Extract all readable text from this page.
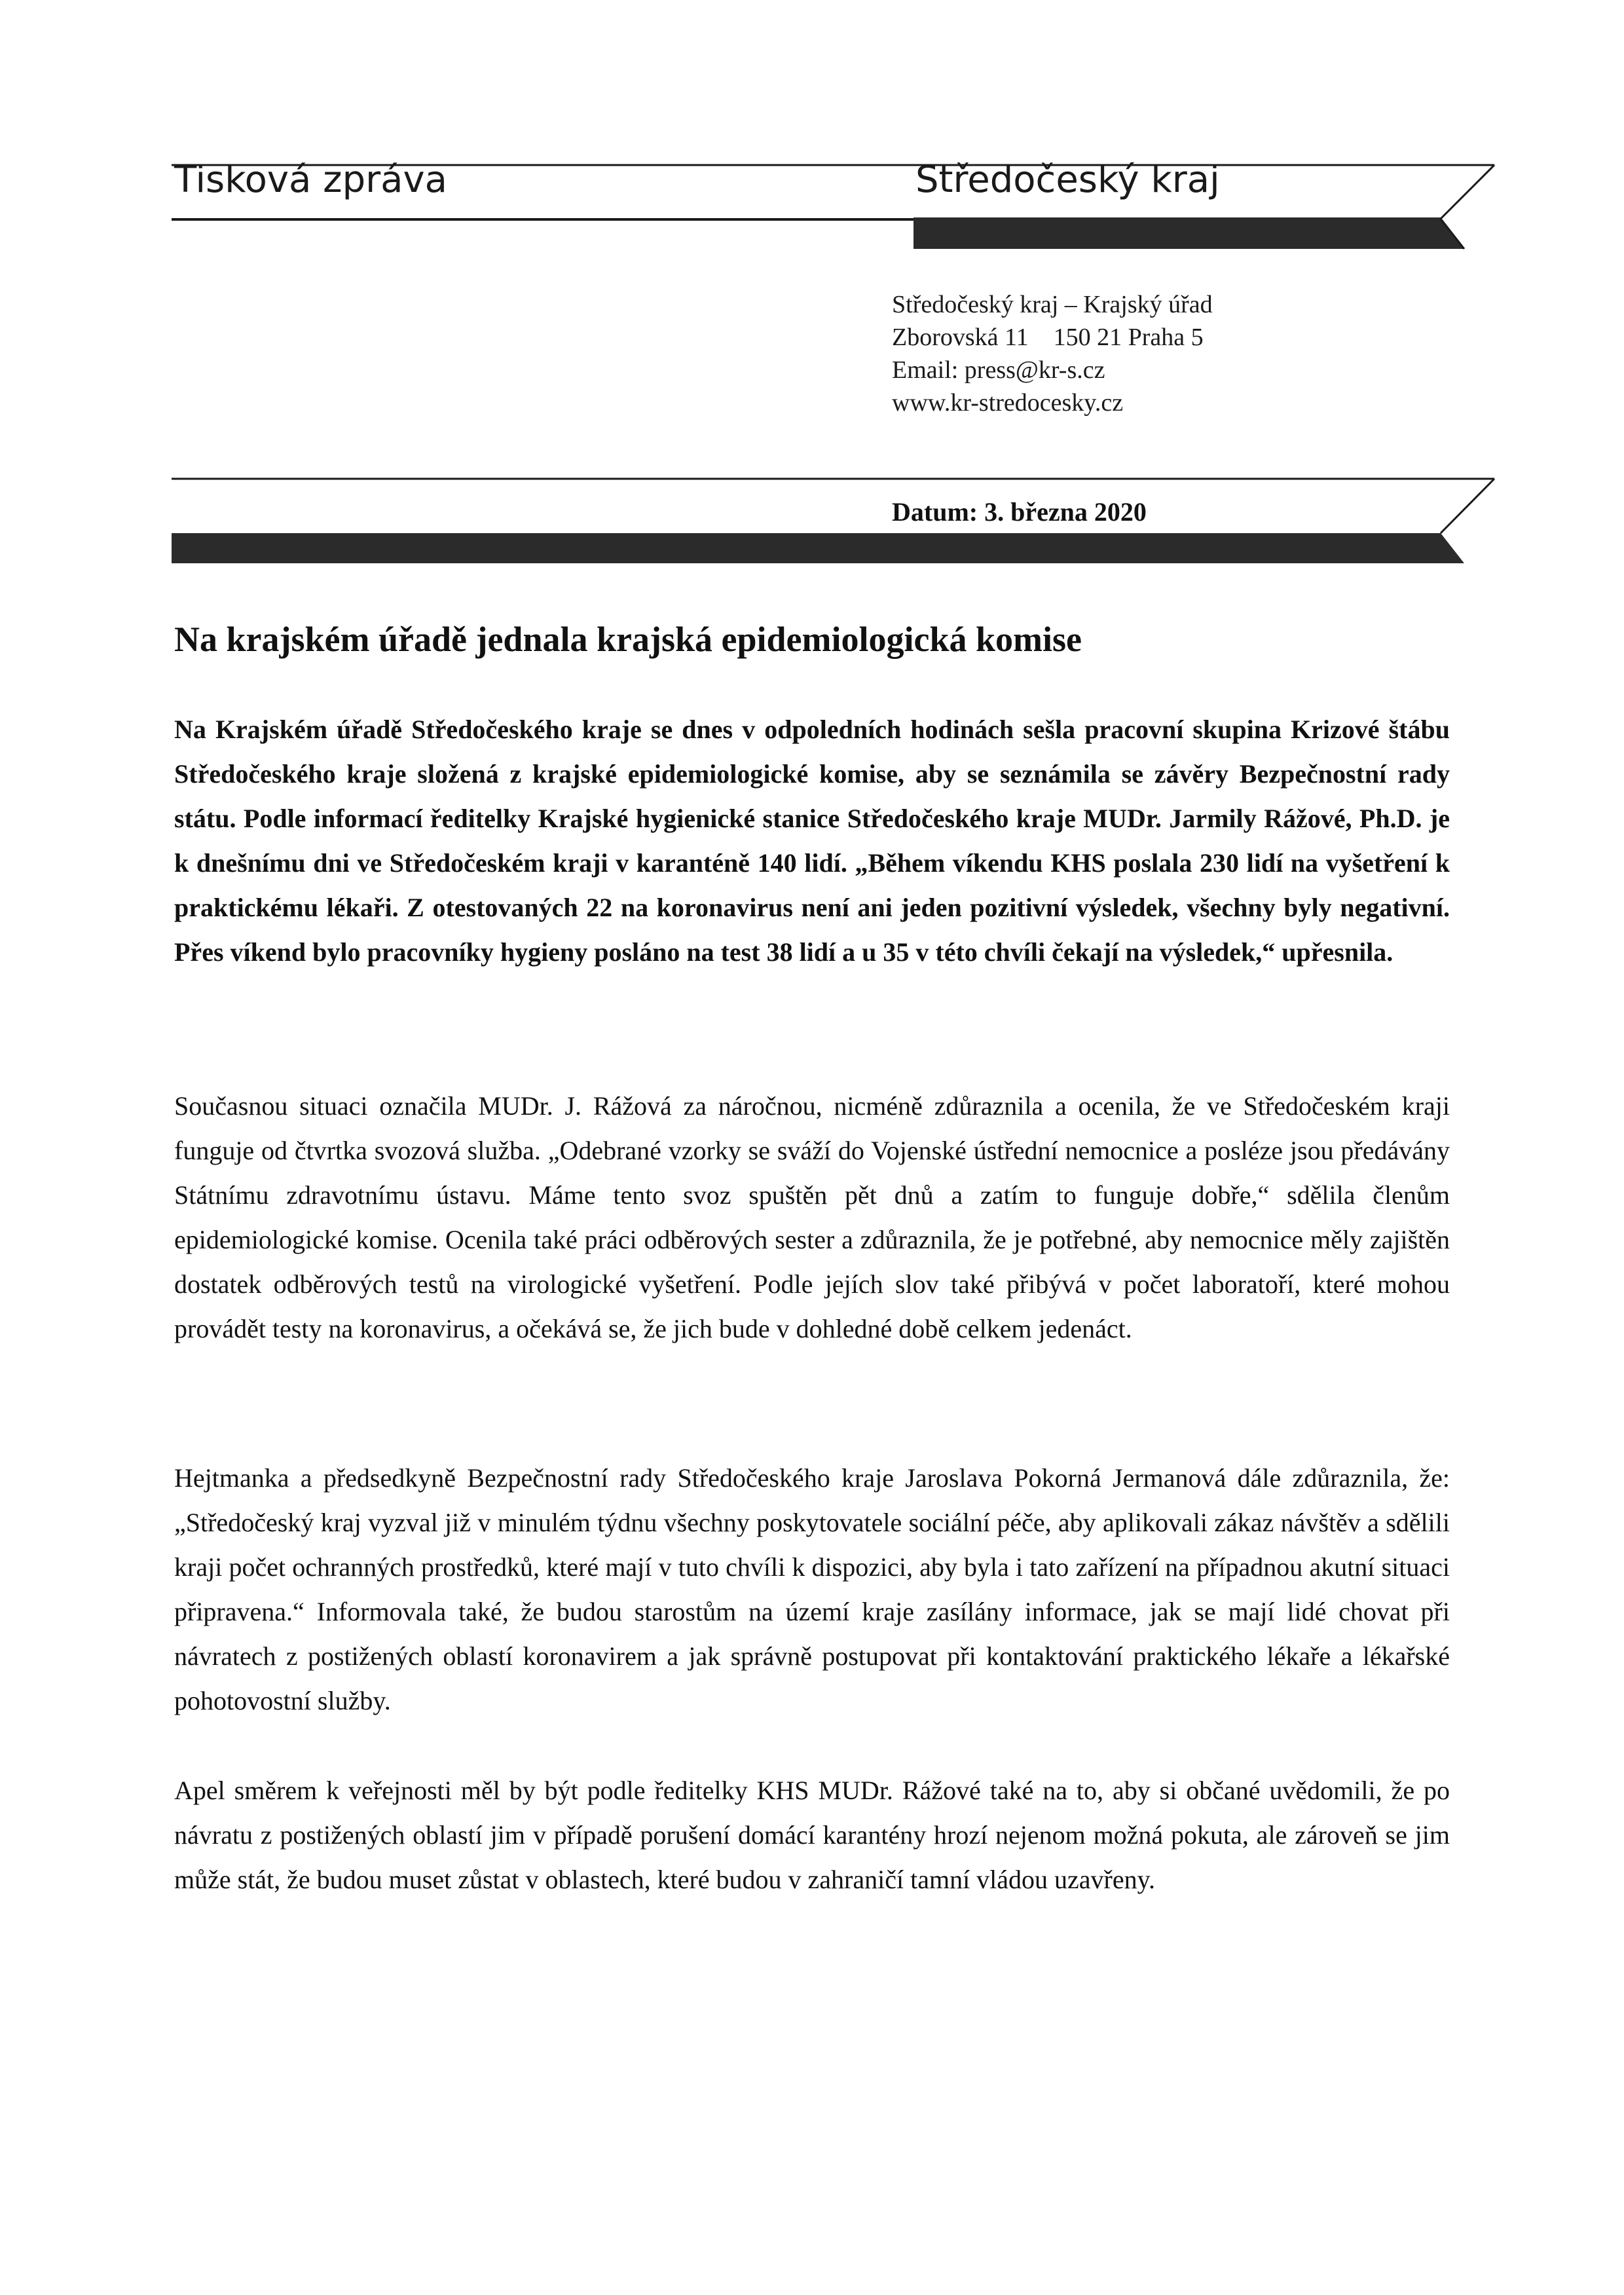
Tisková zpráva	Středočeský kraj
Středočeský kraj – Krajský úřad
Zborovská 11    150 21 Praha 5
Email: press@kr-s.cz
www.kr-stredocesky.cz
Datum: 3. března 2020
Na krajském úřadě jednala krajská epidemiologická komise

Na Krajském úřadě Středočeského kraje se dnes v odpoledních hodinách sešla pracovní skupina Krizové štábu Středočeského kraje složená z krajské epidemiologické komise, aby se seznámila se závěry Bezpečnostní rady státu. Podle informací ředitelky Krajské hygienické stanice Středočeského kraje MUDr. Jarmily Rážové, Ph.D. je k dnešnímu dni ve Středočeském kraji v karanténě 140 lidí. „Během víkendu KHS poslala 230 lidí na vyšetření k praktickému lékaři. Z otestovaných 22 na koronavirus není ani jeden pozitivní výsledek, všechny byly negativní. Přes víkend bylo pracovníky hygieny posláno na test 38 lidí a u 35 v této chvíli čekají na výsledek,“ upřesnila.

Současnou situaci označila MUDr. J. Rážová za náročnou, nicméně zdůraznila a ocenila, že ve Středočeském kraji funguje od čtvrtka svozová služba. „Odebrané vzorky se sváží do Vojenské ústřední nemocnice a posléze jsou předávány Státnímu zdravotnímu ústavu. Máme tento svoz spuštěn pět dnů a zatím to funguje dobře,“ sdělila členům epidemiologické komise. Ocenila také práci odběrových sester a zdůraznila, že je potřebné, aby nemocnice měly zajištěn dostatek odběrových testů na virologické vyšetření. Podle jejích slov také přibývá v počet laboratoří, které mohou provádět testy na koronavirus, a očekává se, že jich bude v dohledné době celkem jedenáct.

Hejtmanka a předsedkyně Bezpečnostní rady Středočeského kraje Jaroslava Pokorná Jermanová dále zdůraznila, že: „Středočeský kraj vyzval již v minulém týdnu všechny poskytovatele sociální péče, aby aplikovali zákaz návštěv a sdělili kraji počet ochranných prostředků, které mají v tuto chvíli k dispozici, aby byla i tato zařízení na případnou akutní situaci připravena.“ Informovala také, že budou starostům na území kraje zasílány informace, jak se mají lidé chovat při návratech z postižených oblastí koronavirem a jak správně postupovat při kontaktování praktického lékaře a lékařské pohotovostní služby.

Apel směrem k veřejnosti měl by být podle ředitelky KHS MUDr. Rážové také na to, aby si občané uvědomili, že po návratu z postižených oblastí jim v případě porušení domácí karantény hrozí nejenom možná pokuta, ale zároveň se jim může stát, že budou muset zůstat v oblastech, které budou v zahraničí tamní vládou uzavřeny.
